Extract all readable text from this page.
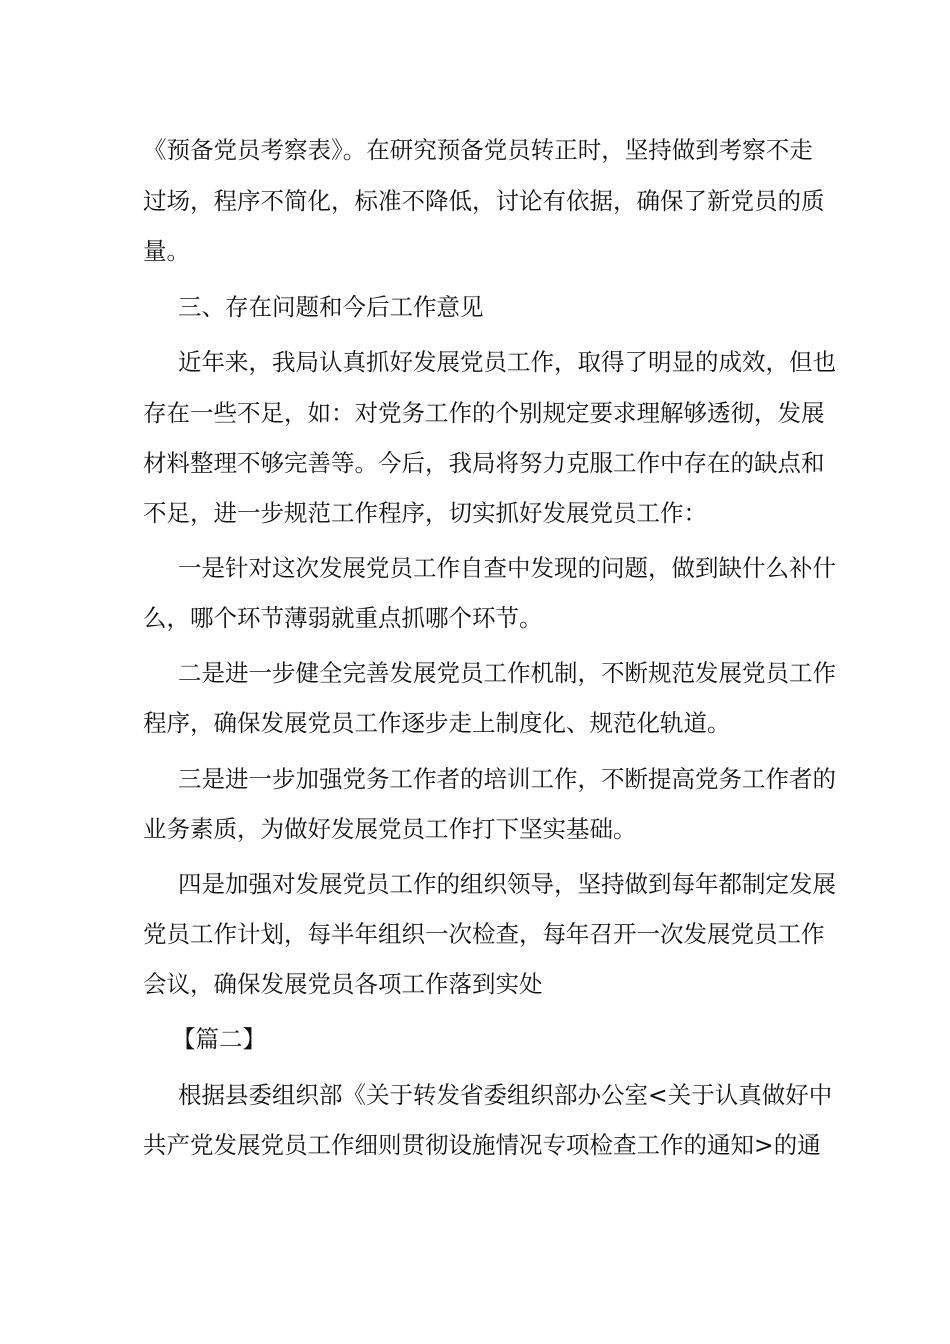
《预备党员考察表》。在研究预备党员转正时，坚持做到考察不走
过场，程序不简化，标准不降低，讨论有依据，确保了新党员的质
量。
三、存在问题和今后工作意见
近年来，我局认真抓好发展党员工作，取得了明显的成效，但也
存在一些不足，如：对党务工作的个别规定要求理解够透彻，发展
材料整理不够完善等。今后，我局将努力克服工作中存在的缺点和
不足，进一步规范工作程序，切实抓好发展党员工作：
一是针对这次发展党员工作自查中发现的问题，做到缺什么补什
么，哪个环节薄弱就重点抓哪个环节。
二是进一步健全完善发展党员工作机制，不断规范发展党员工作
程序，确保发展党员工作逐步走上制度化、规范化轨道。
三是进一步加强党务工作者的培训工作，不断提高党务工作者的
业务素质，为做好发展党员工作打下坚实基础。
四是加强对发展党员工作的组织领导，坚持做到每年都制定发展
党员工作计划，每半年组织一次检查，每年召开一次发展党员工作
会议，确保发展党员各项工作落到实处
【篇二】
根据县委组织部《关于转发省委组织部办公室<关于认真做好中
共产党发展党员工作细则贯彻设施情况专项检查工作的通知>的通
